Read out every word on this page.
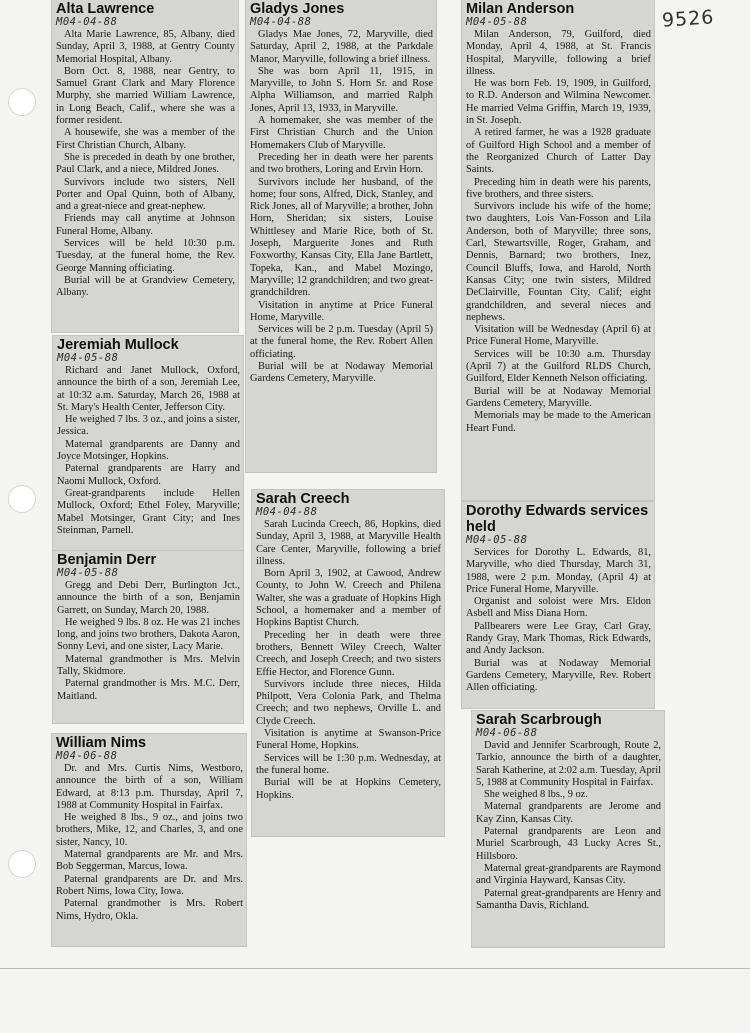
9526
Alta Lawrence
M04-04-88

Alta Marie Lawrence, 85, Albany, died Sunday, April 3, 1988, at Gentry County Memorial Hospital, Albany.

Born Oct. 8, 1988, near Gentry, to Samuel Grant Clark and Mary Florence Murphy, she married William Lawrence, in Long Beach, Calif., where she was a former resident.

A housewife, she was a member of the First Christian Church, Albany.

She is preceded in death by one brother, Paul Clark, and a niece, Mildred Jones.

Survivors include two sisters, Nell Porter and Opal Quinn, both of Albany, and a great-niece and great-nephew.

Friends may call anytime at Johnson Funeral Home, Albany.

Services will be held 10:30 p.m. Tuesday, at the funeral home, the Rev. George Manning officiating.

Burial will be at Grandview Cemetery, Albany.

Jeremiah Mullock
M04-05-88

Richard and Janet Mullock, Oxford, announce the birth of a son, Jeremiah Lee, at 10:32 a.m. Saturday, March 26, 1988 at St. Mary's Health Center, Jefferson City.

He weighed 7 lbs. 3 oz., and joins a sister, Jessica.

Maternal grandparents are Danny and Joyce Motsinger, Hopkins.

Paternal grandparents are Harry and Naomi Mullock, Oxford.

Great-grandparents include Hellen Mullock, Oxford; Ethel Foley, Maryville; Mabel Motsinger, Grant City; and Ines Steinman, Parnell.

Benjamin Derr
M04-05-88

Gregg and Debi Derr, Burlington Jct., announce the birth of a son, Benjamin Garrett, on Sunday, March 20, 1988.

He weighed 9 lbs. 8 oz. He was 21 inches long, and joins two brothers, Dakota Aaron, Sonny Levi, and one sister, Lacy Marie.

Maternal grandmother is Mrs. Melvin Tally, Skidmore.

Paternal grandmother is Mrs. M.C. Derr, Maitland.

William Nims
M04-06-88

Dr. and Mrs. Curtis Nims, Westboro, announce the birth of a son, William Edward, at 8:13 p.m. Thursday, April 7, 1988 at Community Hospital in Fairfax.

He weighed 8 lbs., 9 oz., and joins two brothers, Mike, 12, and Charles, 3, and one sister, Nancy, 10.

Maternal grandparents are Mr. and Mrs. Bob Seggerman, Marcus, Iowa.

Paternal grandparents are Dr. and Mrs. Robert Nims, Iowa City, Iowa.

Paternal grandmother is Mrs. Robert Nims, Hydro, Okla.

Gladys Jones
M04-04-88

Gladys Mae Jones, 72, Maryville, died Saturday, April 2, 1988, at the Parkdale Manor, Maryville, following a brief illness.

She was born April 11, 1915, in Maryville, to John S. Horn Sr. and Rose Alpha Williamson, and married Ralph Jones, April 13, 1933, in Maryville.

A homemaker, she was member of the First Christian Church and the Union Homemakers Club of Maryville.

Preceding her in death were her parents and two brothers, Loring and Ervin Horn.

Survivors include her husband, of the home; four sons, Alfred, Dick, Stanley, and Rick Jones, all of Maryville; a brother, John Horn, Sheridan; six sisters, Louise Whittlesey and Marie Rice, both of St. Joseph, Marguerite Jones and Ruth Foxworthy, Kansas City, Ella Jane Bartlett, Topeka, Kan., and Mabel Mozingo, Maryville; 12 grandchildren; and two great-grandchildren.

Visitation in anytime at Price Funeral Home, Maryville.

Services will be 2 p.m. Tuesday (April 5) at the funeral home, the Rev. Robert Allen officiating.

Burial will be at Nodaway Memorial Gardens Cemetery, Maryville.

Sarah Creech
M04-04-88

Sarah Lucinda Creech, 86, Hopkins, died Sunday, April 3, 1988, at Maryville Health Care Center, Maryville, following a brief illness.

Born April 3, 1902, at Cawood, Andrew County, to John W. Creech and Philena Walter, she was a graduate of Hopkins High School, a homemaker and a member of Hopkins Baptist Church.

Preceding her in death were three brothers, Bennett Wiley Creech, Walter Creech, and Joseph Creech; and two sisters Effie Hector, and Florence Gunn.

Survivors include three nieces, Hilda Philpott, Vera Colonia Park, and Thelma Creech; and two nephews, Orville L. and Clyde Creech.

Visitation is anytime at Swanson-Price Funeral Home, Hopkins.

Services will be 1:30 p.m. Wednesday, at the funeral home.

Burial will be at Hopkins Cemetery, Hopkins.

Milan Anderson
M04-05-88

Milan Anderson, 79, Guilford, died Monday, April 4, 1988, at St. Francis Hospital, Maryville, following a brief illness.

He was born Feb. 19, 1909, in Guilford, to R.D. Anderson and Wilmina Newcomer. He married Velma Griffin, March 19, 1939, in St. Joseph.

A retired farmer, he was a 1928 graduate of Guilford High School and a member of the Reorganized Church of Latter Day Saints.

Preceding him in death were his parents, five brothers, and three sisters.

Survivors include his wife of the home; two daughters, Lois Van-Fosson and Lila Anderson, both of Maryville; three sons, Carl, Stewartsville, Roger, Graham, and Dennis, Barnard; two brothers, Inez, Council Bluffs, Iowa, and Harold, North Kansas City; one twin sisters, Mildred DeClairville, Fountan City, Calif; eight grandchildren, and several nieces and nephews.

Visitation will be Wednesday (April 6) at Price Funeral Home, Maryville.

Services will be 10:30 a.m. Thursday (April 7) at the Guilford RLDS Church, Guilford, Elder Kenneth Nelson officiating.

Burial will be at Nodaway Memorial Gardens Cemetery, Maryville.

Memorials may be made to the American Heart Fund.

Dorothy Edwards services held
M04-05-88

Services for Dorothy L. Edwards, 81, Maryville, who died Thursday, March 31, 1988, were 2 p.m. Monday, (April 4) at Price Funeral Home, Maryville.

Organist and soloist were Mrs. Eldon Asbell and Miss Diana Horn.

Pallbearers were Lee Gray, Carl Gray, Randy Gray, Mark Thomas, Rick Edwards, and Andy Jackson.

Burial was at Nodaway Memorial Gardens Cemetery, Maryville, Rev. Robert Allen officiating.

Sarah Scarbrough
M04-06-88

David and Jennifer Scarbrough, Route 2, Tarkio, announce the birth of a daughter, Sarah Katherine, at 2:02 a.m. Tuesday, April 5, 1988 at Community Hospital in Fairfax.

She weighed 8 lbs., 9 oz.

Maternal grandparents are Jerome and Kay Zinn, Kansas City.

Paternal grandparents are Leon and Muriel Scarbrough, 43 Lucky Acres St., Hillsboro.

Maternal great-grandparents are Raymond and Virginia Hayward, Kansas City.

Paternal great-grandparents are Henry and Samantha Davis, Richland.
